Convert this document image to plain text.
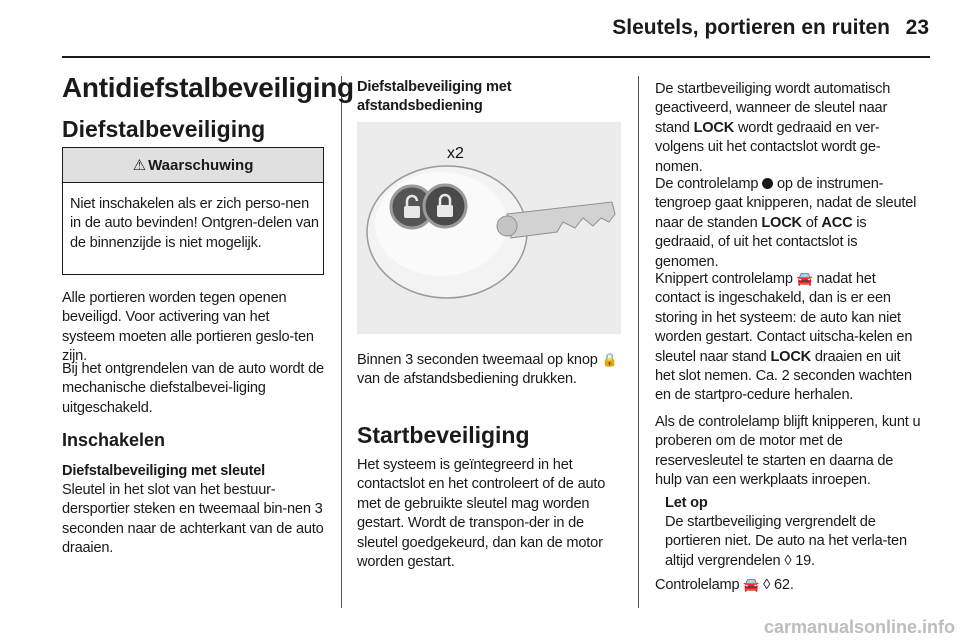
Sleutels, portieren en ruiten 23
Antidiefstalbeveiliging
Diefstalbeveiliging
⚠ Waarschuwing
Niet inschakelen als er zich perso-nen in de auto bevinden! Ontgren-delen van de binnenzijde is niet mogelijk.
Alle portieren worden tegen openen beveiligd. Voor activering van het systeem moeten alle portieren geslo-ten zijn.
Bij het ontgrendelen van de auto wordt de mechanische diefstalbevei-liging uitgeschakeld.
Inschakelen
Diefstalbeveiliging met sleutel
Sleutel in het slot van het bestuur-dersportier steken en tweemaal bin-nen 3 seconden naar de achterkant van de auto draaien.
Diefstalbeveiliging met afstandsbediening
x2
Binnen 3 seconden tweemaal op knop 🔒 van de afstandsbediening drukken.
Startbeveiliging
Het systeem is geïntegreerd in het contactslot en het controleert of de auto met de gebruikte sleutel mag worden gestart. Wordt de transpon-der in de sleutel goedgekeurd, dan kan de motor worden gestart.
De startbeveiliging wordt automatisch geactiveerd, wanneer de sleutel naar stand LOCK wordt gedraaid en ver-volgens uit het contactslot wordt ge-nomen.
De controlelamp op de instrumen-tengroep gaat knipperen, nadat de sleutel naar de standen LOCK of ACC is gedraaid, of uit het contactslot is genomen.
Knippert controlelamp 🚘 nadat het contact is ingeschakeld, dan is er een storing in het systeem: de auto kan niet worden gestart. Contact uitscha-kelen en sleutel naar stand LOCK draaien en uit het slot nemen. Ca. 2 seconden wachten en de startpro-cedure herhalen.
Als de controlelamp blijft knipperen, kunt u proberen om de motor met de reservesleutel te starten en daarna de hulp van een werkplaats inroepen.
Let op
De startbeveiliging vergrendelt de portieren niet. De auto na het verla-ten altijd vergrendelen ◊ 19.
Controlelamp 🚘 ◊ 62.
carmanualsonline.info
